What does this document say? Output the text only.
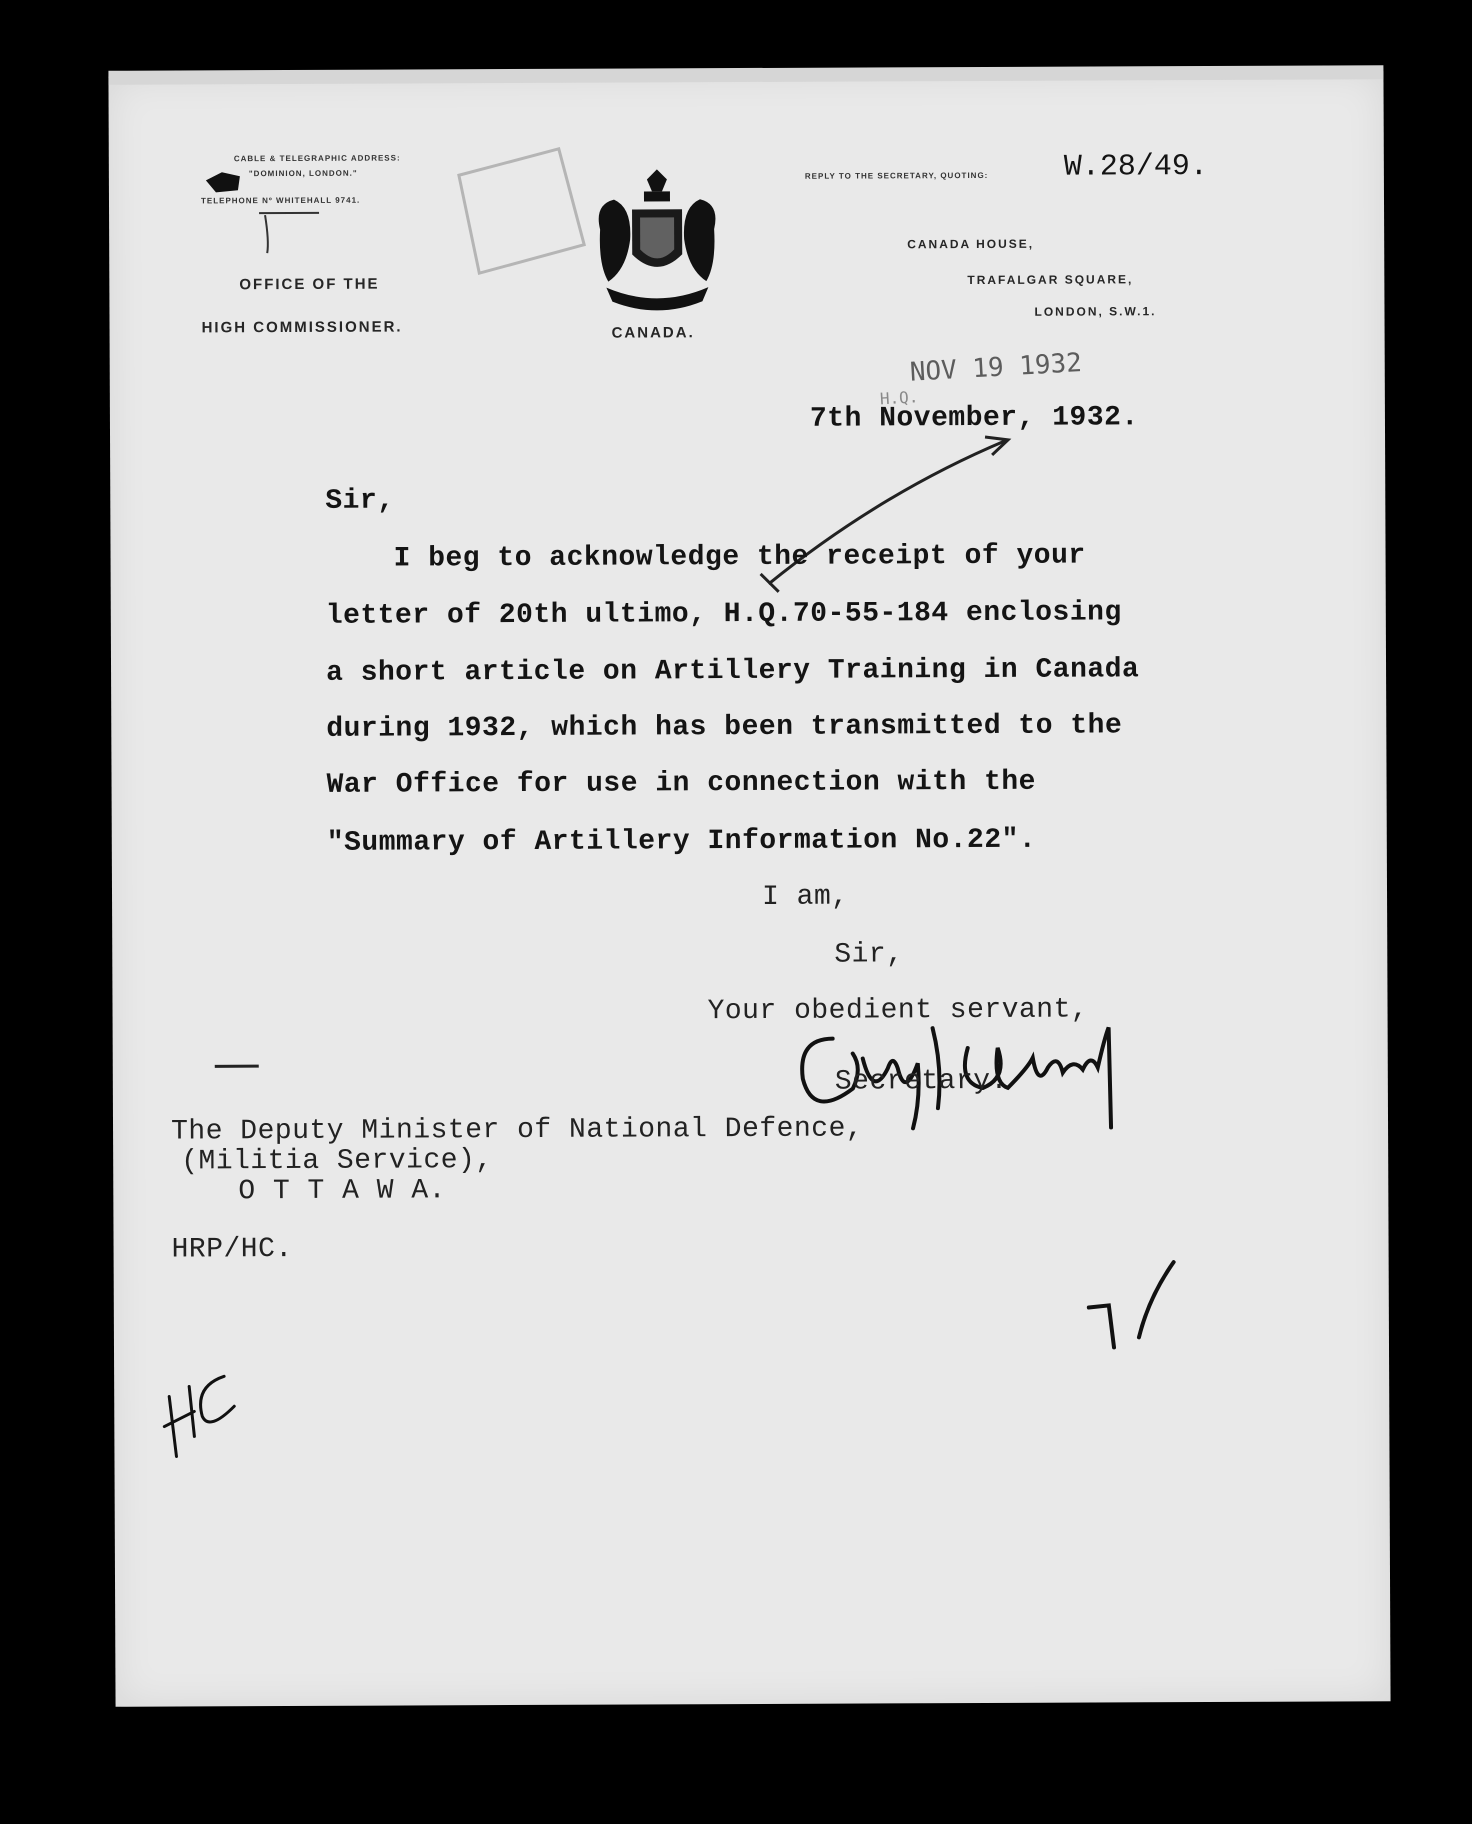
CABLE & TELEGRAPHIC ADDRESS:
"DOMINION, LONDON."
TELEPHONE Nº WHITEHALL 9741.
OFFICE OF THE
HIGH COMMISSIONER.	CANADA.
REPLY TO THE SECRETARY, QUOTING:	W.28/49.
CANADA HOUSE,
TRAFALGAR SQUARE,
LONDON, S.W.1.
NOV 19 1932
H.Q.
7th November, 1932.
Sir,
I beg to acknowledge the receipt of your
letter of 20th ultimo, H.Q.70-55-184 enclosing
a short article on Artillery Training in Canada
during 1932, which has been transmitted to the
War Office for use in connection with the
"Summary of Artillery Information No.22".
I am,
Sir,
Your obedient servant,
Secretary.
The Deputy Minister of National Defence,
(Militia Service),
O T T A W A.
HRP/HC.
